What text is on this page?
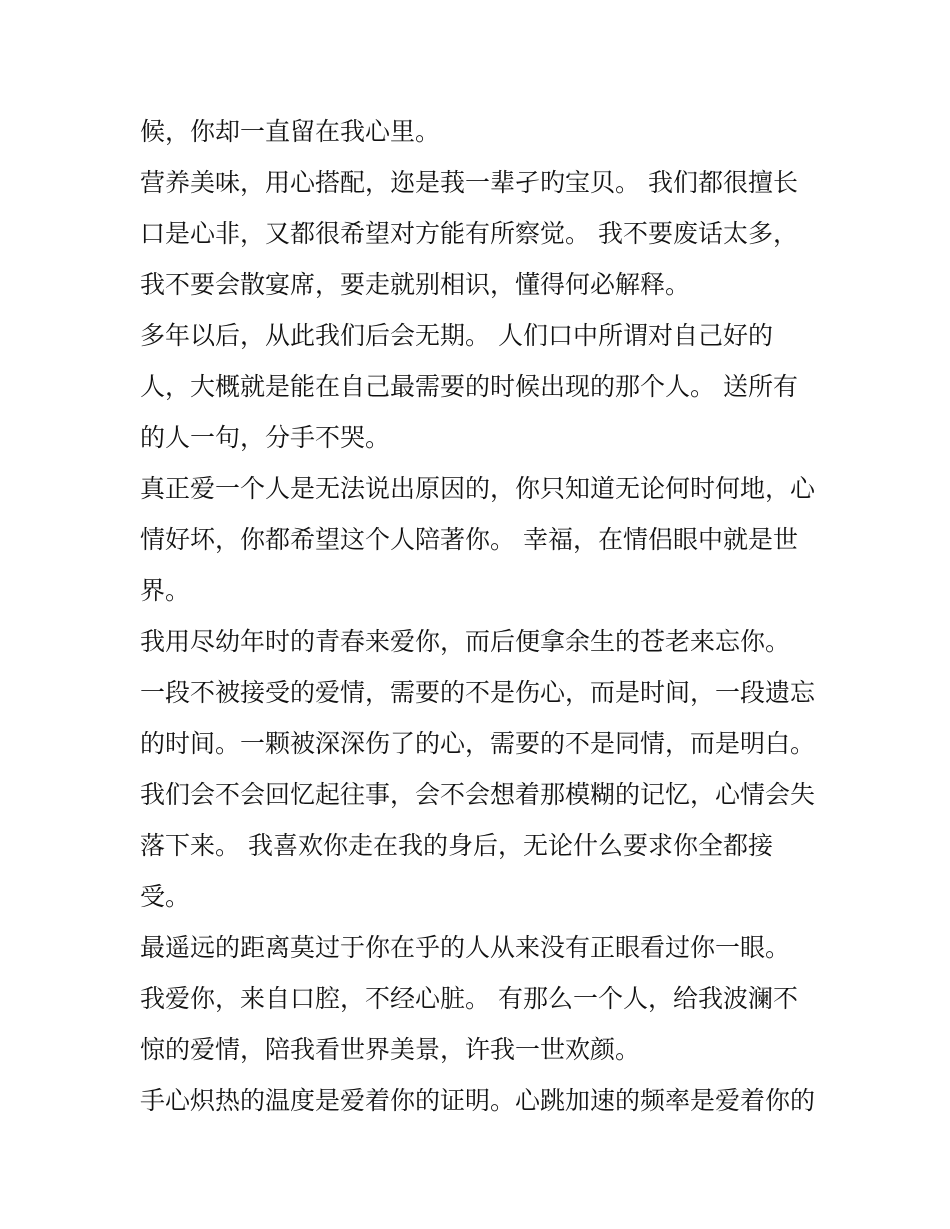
候，你却一直留在我心里。
营养美味，用心搭配，迩是莪一辈孑旳宝贝。 我们都很擅长
口是心非，又都很希望对方能有所察觉。 我不要废话太多，
我不要会散宴席，要走就别相识，懂得何必解释。
多年以后，从此我们后会无期。 人们口中所谓对自己好的
人，大概就是能在自己最需要的时候出现的那个人。 送所有
的人一句，分手不哭。
真正爱一个人是无法说出原因的，你只知道无论何时何地，心
情好坏，你都希望这个人陪著你。 幸福，在情侣眼中就是世
界。
我用尽幼年时的青春来爱你，而后便拿余生的苍老来忘你。
一段不被接受的爱情，需要的不是伤心，而是时间，一段遗忘
的时间。一颗被深深伤了的心，需要的不是同情，而是明白。
我们会不会回忆起往事，会不会想着那模糊的记忆，心情会失
落下来。 我喜欢你走在我的身后，无论什么要求你全都接
受。
最遥远的距离莫过于你在乎的人从来没有正眼看过你一眼。
我爱你，来自口腔，不经心脏。 有那么一个人，给我波澜不
惊的爱情，陪我看世界美景，许我一世欢颜。
手心炽热的温度是爱着你的证明。心跳加速的频率是爱着你的
